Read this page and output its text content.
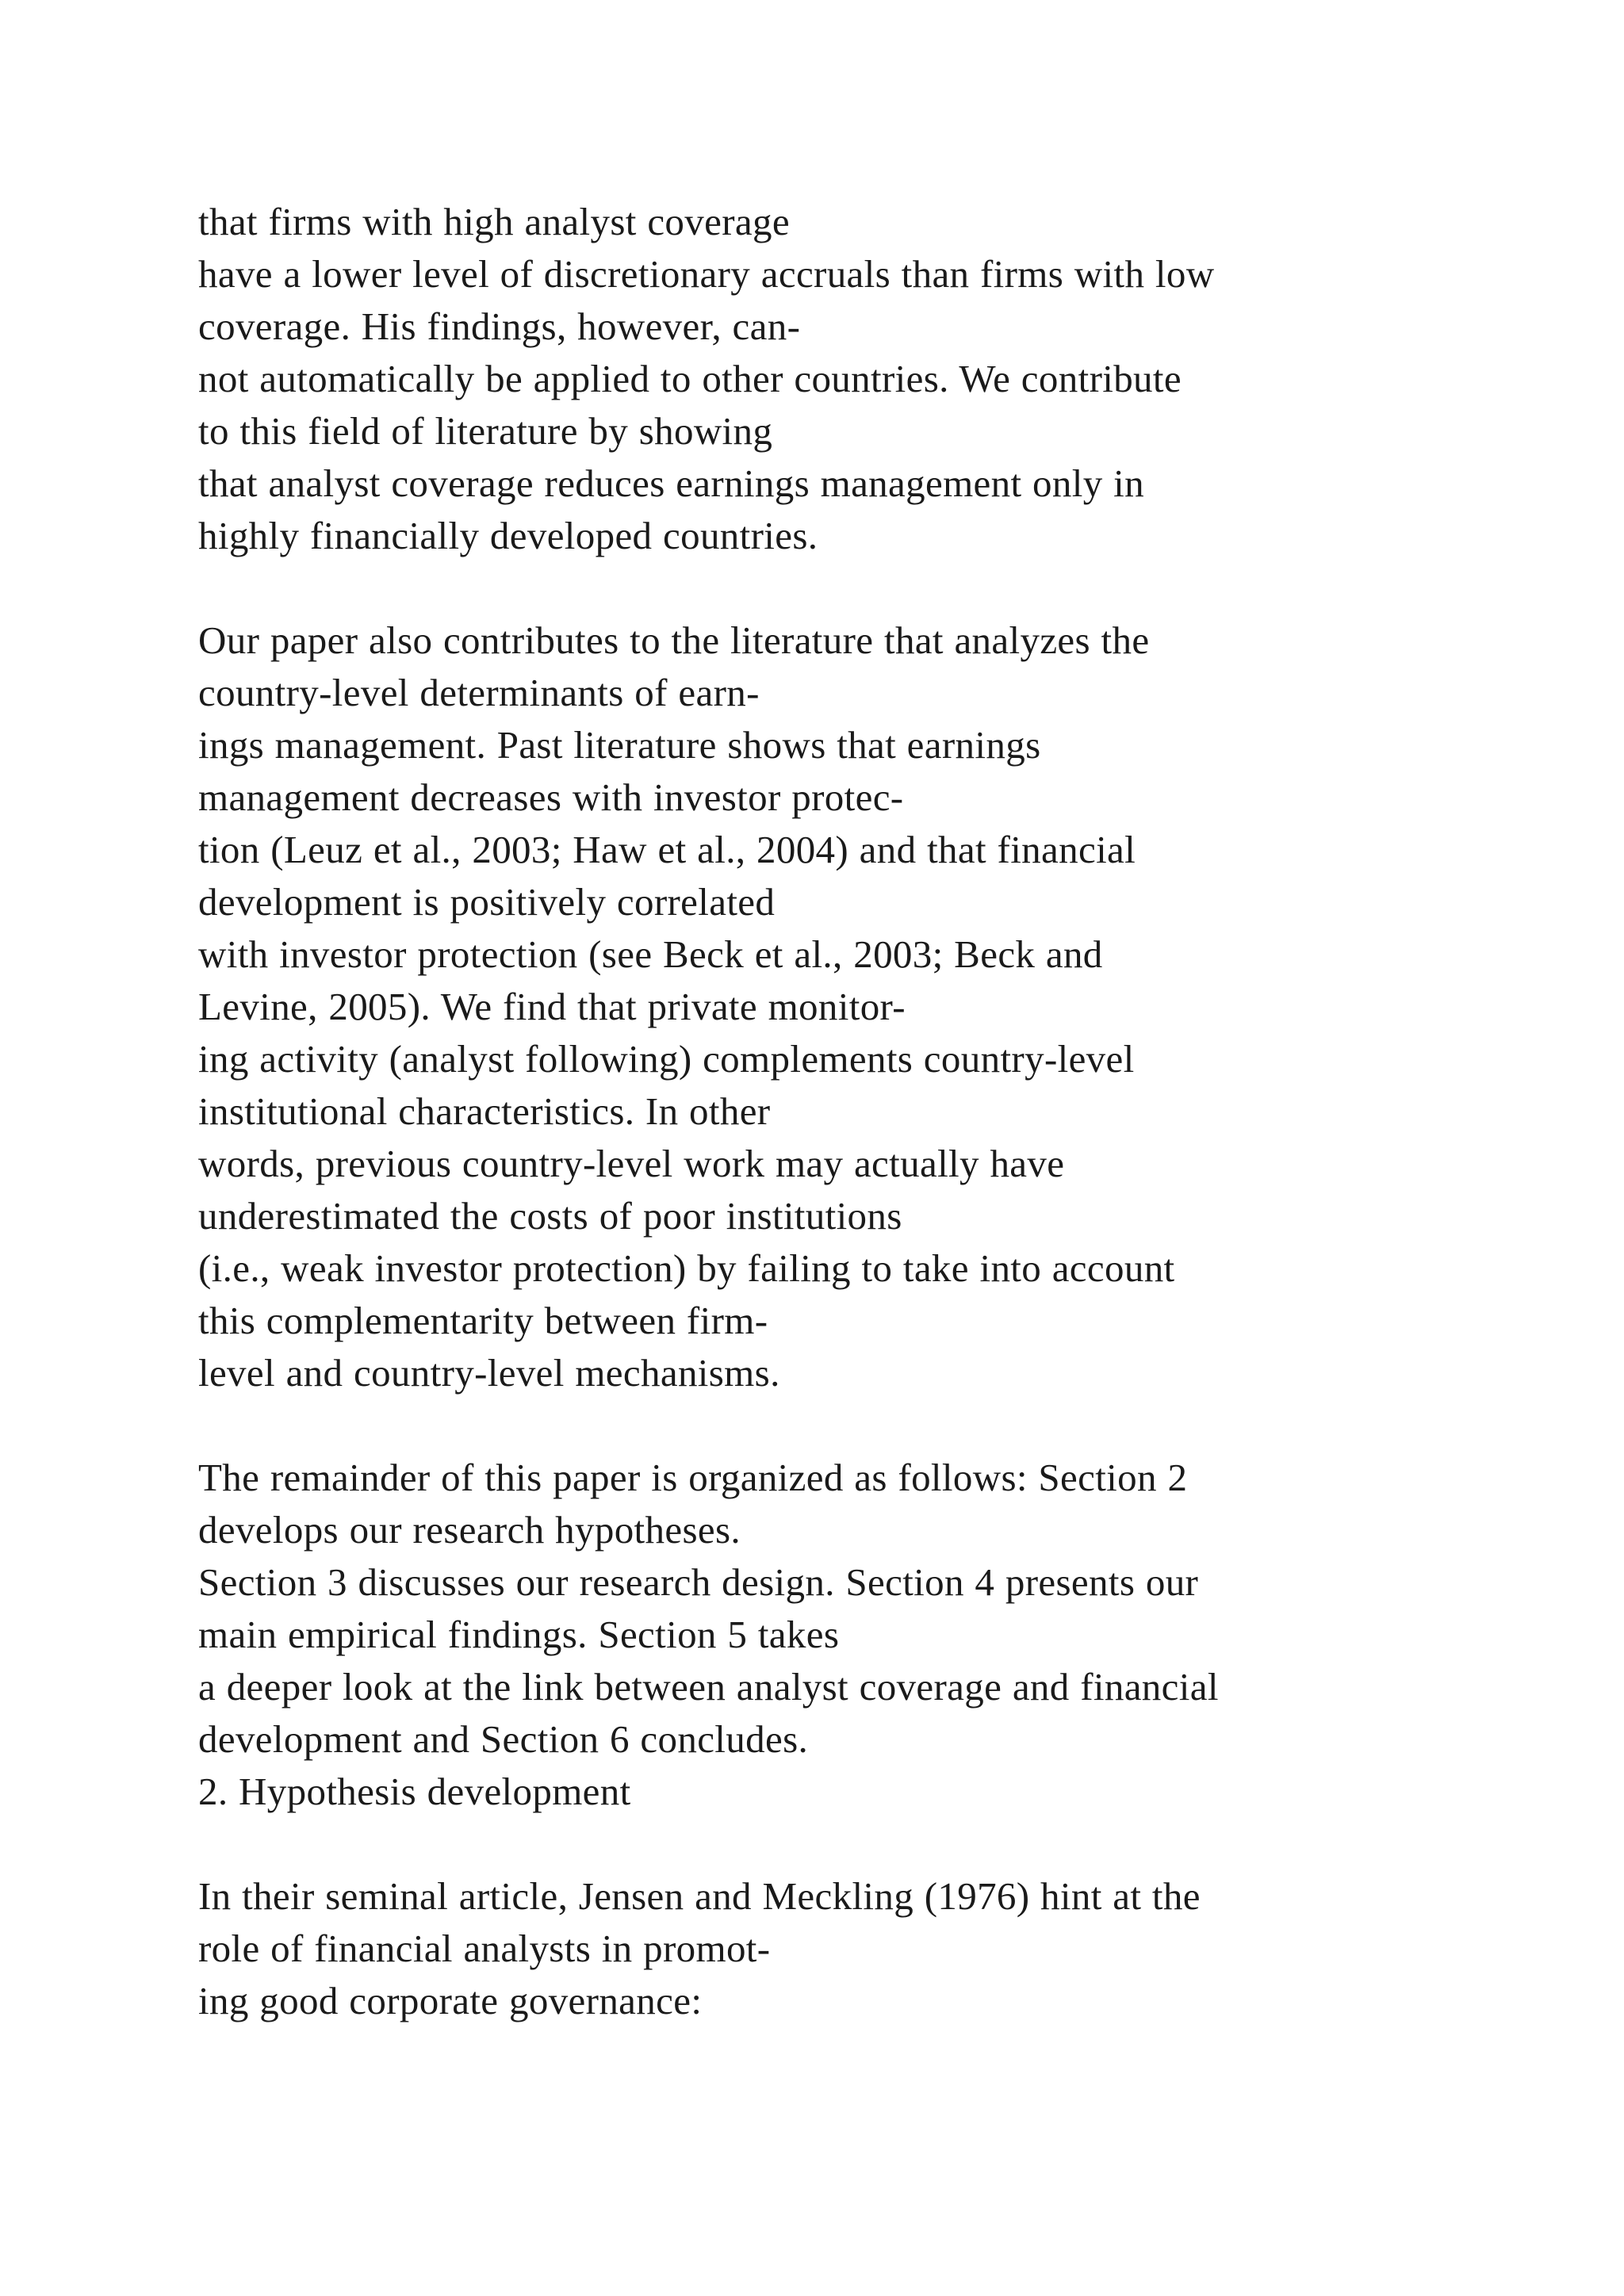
that firms with high analyst coverage
have a lower level of discretionary accruals than firms with low
coverage. His findings, however, can-
not automatically be applied to other countries. We contribute
to this field of literature by showing
that analyst coverage reduces earnings management only in
highly financially developed countries.
Our paper also contributes to the literature that analyzes the
country-level determinants of earn-
ings management. Past literature shows that earnings
management decreases with investor protec-
tion (Leuz et al., 2003; Haw et al., 2004) and that financial
development is positively correlated
with investor protection (see Beck et al., 2003; Beck and
Levine, 2005). We find that private monitor-
ing activity (analyst following) complements country-level
institutional characteristics. In other
words, previous country-level work may actually have
underestimated the costs of poor institutions
(i.e., weak investor protection) by failing to take into account
this complementarity between firm-
level and country-level mechanisms.
The remainder of this paper is organized as follows: Section 2
develops our research hypotheses.
Section 3 discusses our research design. Section 4 presents our
main empirical findings. Section 5 takes
a deeper look at the link between analyst coverage and financial
development and Section 6 concludes.
2. Hypothesis development
In their seminal article, Jensen and Meckling (1976) hint at the
role of financial analysts in promot-
ing good corporate governance:
